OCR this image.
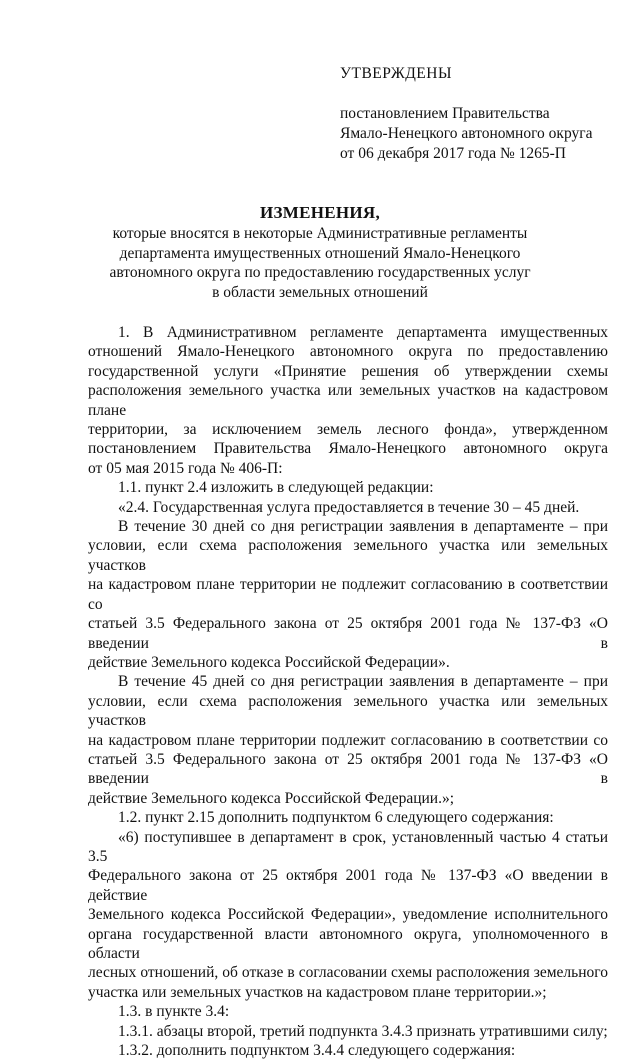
УТВЕРЖДЕНЫ
постановлением Правительства
Ямало-Ненецкого автономного округа
от 06 декабря 2017 года № 1265-П
ИЗМЕНЕНИЯ,
которые вносятся в некоторые Административные регламенты
департамента имущественных отношений Ямало-Ненецкого
автономного округа по предоставлению государственных услуг
в области земельных отношений
1. В Административном регламенте департамента имущественных
отношений Ямало-Ненецкого автономного округа по предоставлению
государственной услуги «Принятие решения об утверждении схемы
расположения земельного участка или земельных участков на кадастровом плане
территории, за исключением земель лесного фонда», утвержденном
постановлением Правительства Ямало-Ненецкого автономного округа
от 05 мая 2015 года № 406-П:
1.1. пункт 2.4 изложить в следующей редакции:
«2.4. Государственная услуга предоставляется в течение 30 – 45 дней.
В течение 30 дней со дня регистрации заявления в департаменте – при
условии, если схема расположения земельного участка или земельных участков
на кадастровом плане территории не подлежит согласованию в соответствии со
статьей 3.5 Федерального закона от 25 октября 2001 года № 137-ФЗ «О введении в
действие Земельного кодекса Российской Федерации».
В течение 45 дней со дня регистрации заявления в департаменте – при
условии, если схема расположения земельного участка или земельных участков
на кадастровом плане территории подлежит согласованию в соответствии со
статьей 3.5 Федерального закона от 25 октября 2001 года № 137-ФЗ «О введении в
действие Земельного кодекса Российской Федерации.»;
1.2. пункт 2.15 дополнить подпунктом 6 следующего содержания:
«6) поступившее в департамент в срок, установленный частью 4 статьи 3.5
Федерального закона от 25 октября 2001 года № 137-ФЗ «О введении в действие
Земельного кодекса Российской Федерации», уведомление исполнительного
органа государственной власти автономного округа, уполномоченного в области
лесных отношений, об отказе в согласовании схемы расположения земельного
участка или земельных участков на кадастровом плане территории.»;
1.3. в пункте 3.4:
1.3.1. абзацы второй, третий подпункта 3.4.3 признать утратившими силу;
1.3.2. дополнить подпунктом 3.4.4 следующего содержания:
